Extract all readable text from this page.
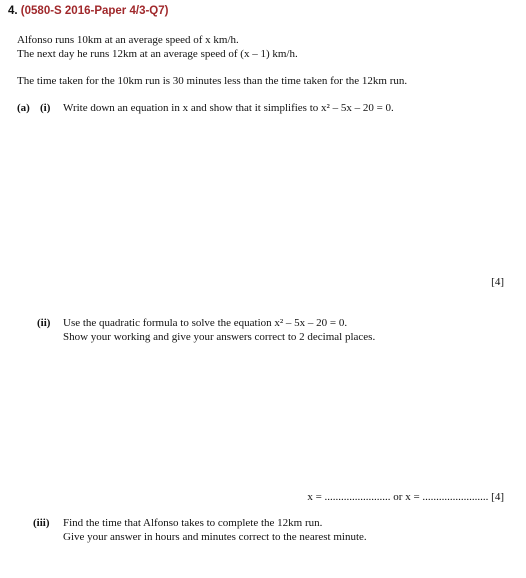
4. (0580-S 2016-Paper 4/3-Q7)
Alfonso runs 10km at an average speed of x km/h.
The next day he runs 12km at an average speed of (x – 1) km/h.
The time taken for the 10km run is 30 minutes less than the time taken for the 12km run.
(a) (i) Write down an equation in x and show that it simplifies to x² – 5x – 20 = 0.
[4]
(ii) Use the quadratic formula to solve the equation x² – 5x – 20 = 0.
Show your working and give your answers correct to 2 decimal places.
x = ........................ or x = ........................ [4]
(iii) Find the time that Alfonso takes to complete the 12km run.
Give your answer in hours and minutes correct to the nearest minute.
